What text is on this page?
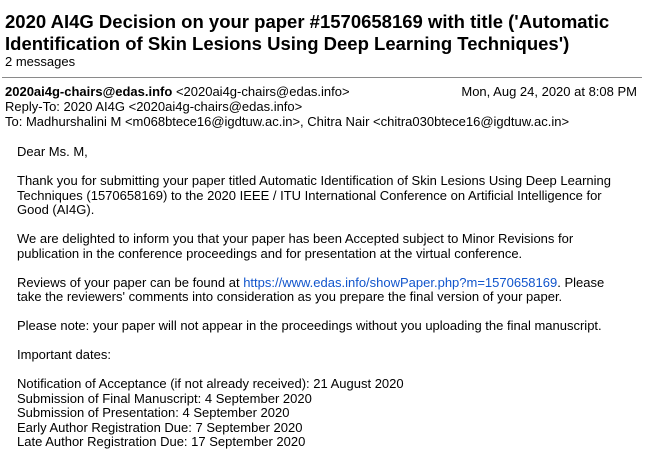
2020 AI4G Decision on your paper #1570658169 with title ('Automatic Identification of Skin Lesions Using Deep Learning Techniques')
2 messages
2020ai4g-chairs@edas.info <2020ai4g-chairs@edas.info>	Mon, Aug 24, 2020 at 8:08 PM
Reply-To: 2020 AI4G <2020ai4g-chairs@edas.info>
To: Madhurshalini M <m068btece16@igdtuw.ac.in>, Chitra Nair <chitra030btece16@igdtuw.ac.in>

Dear Ms. M,

Thank you for submitting your paper titled Automatic Identification of Skin Lesions Using Deep Learning Techniques (1570658169) to the 2020 IEEE / ITU International Conference on Artificial Intelligence for Good (AI4G).

We are delighted to inform you that your paper has been Accepted subject to Minor Revisions for publication in the conference proceedings and for presentation at the virtual conference.

Reviews of your paper can be found at https://www.edas.info/showPaper.php?m=1570658169. Please take the reviewers' comments into consideration as you prepare the final version of your paper.

Please note: your paper will not appear in the proceedings without you uploading the final manuscript.

Important dates:

Notification of Acceptance (if not already received): 21 August 2020
Submission of Final Manuscript: 4 September 2020
Submission of Presentation: 4 September 2020
Early Author Registration Due: 7 September 2020
Late Author Registration Due: 17 September 2020
